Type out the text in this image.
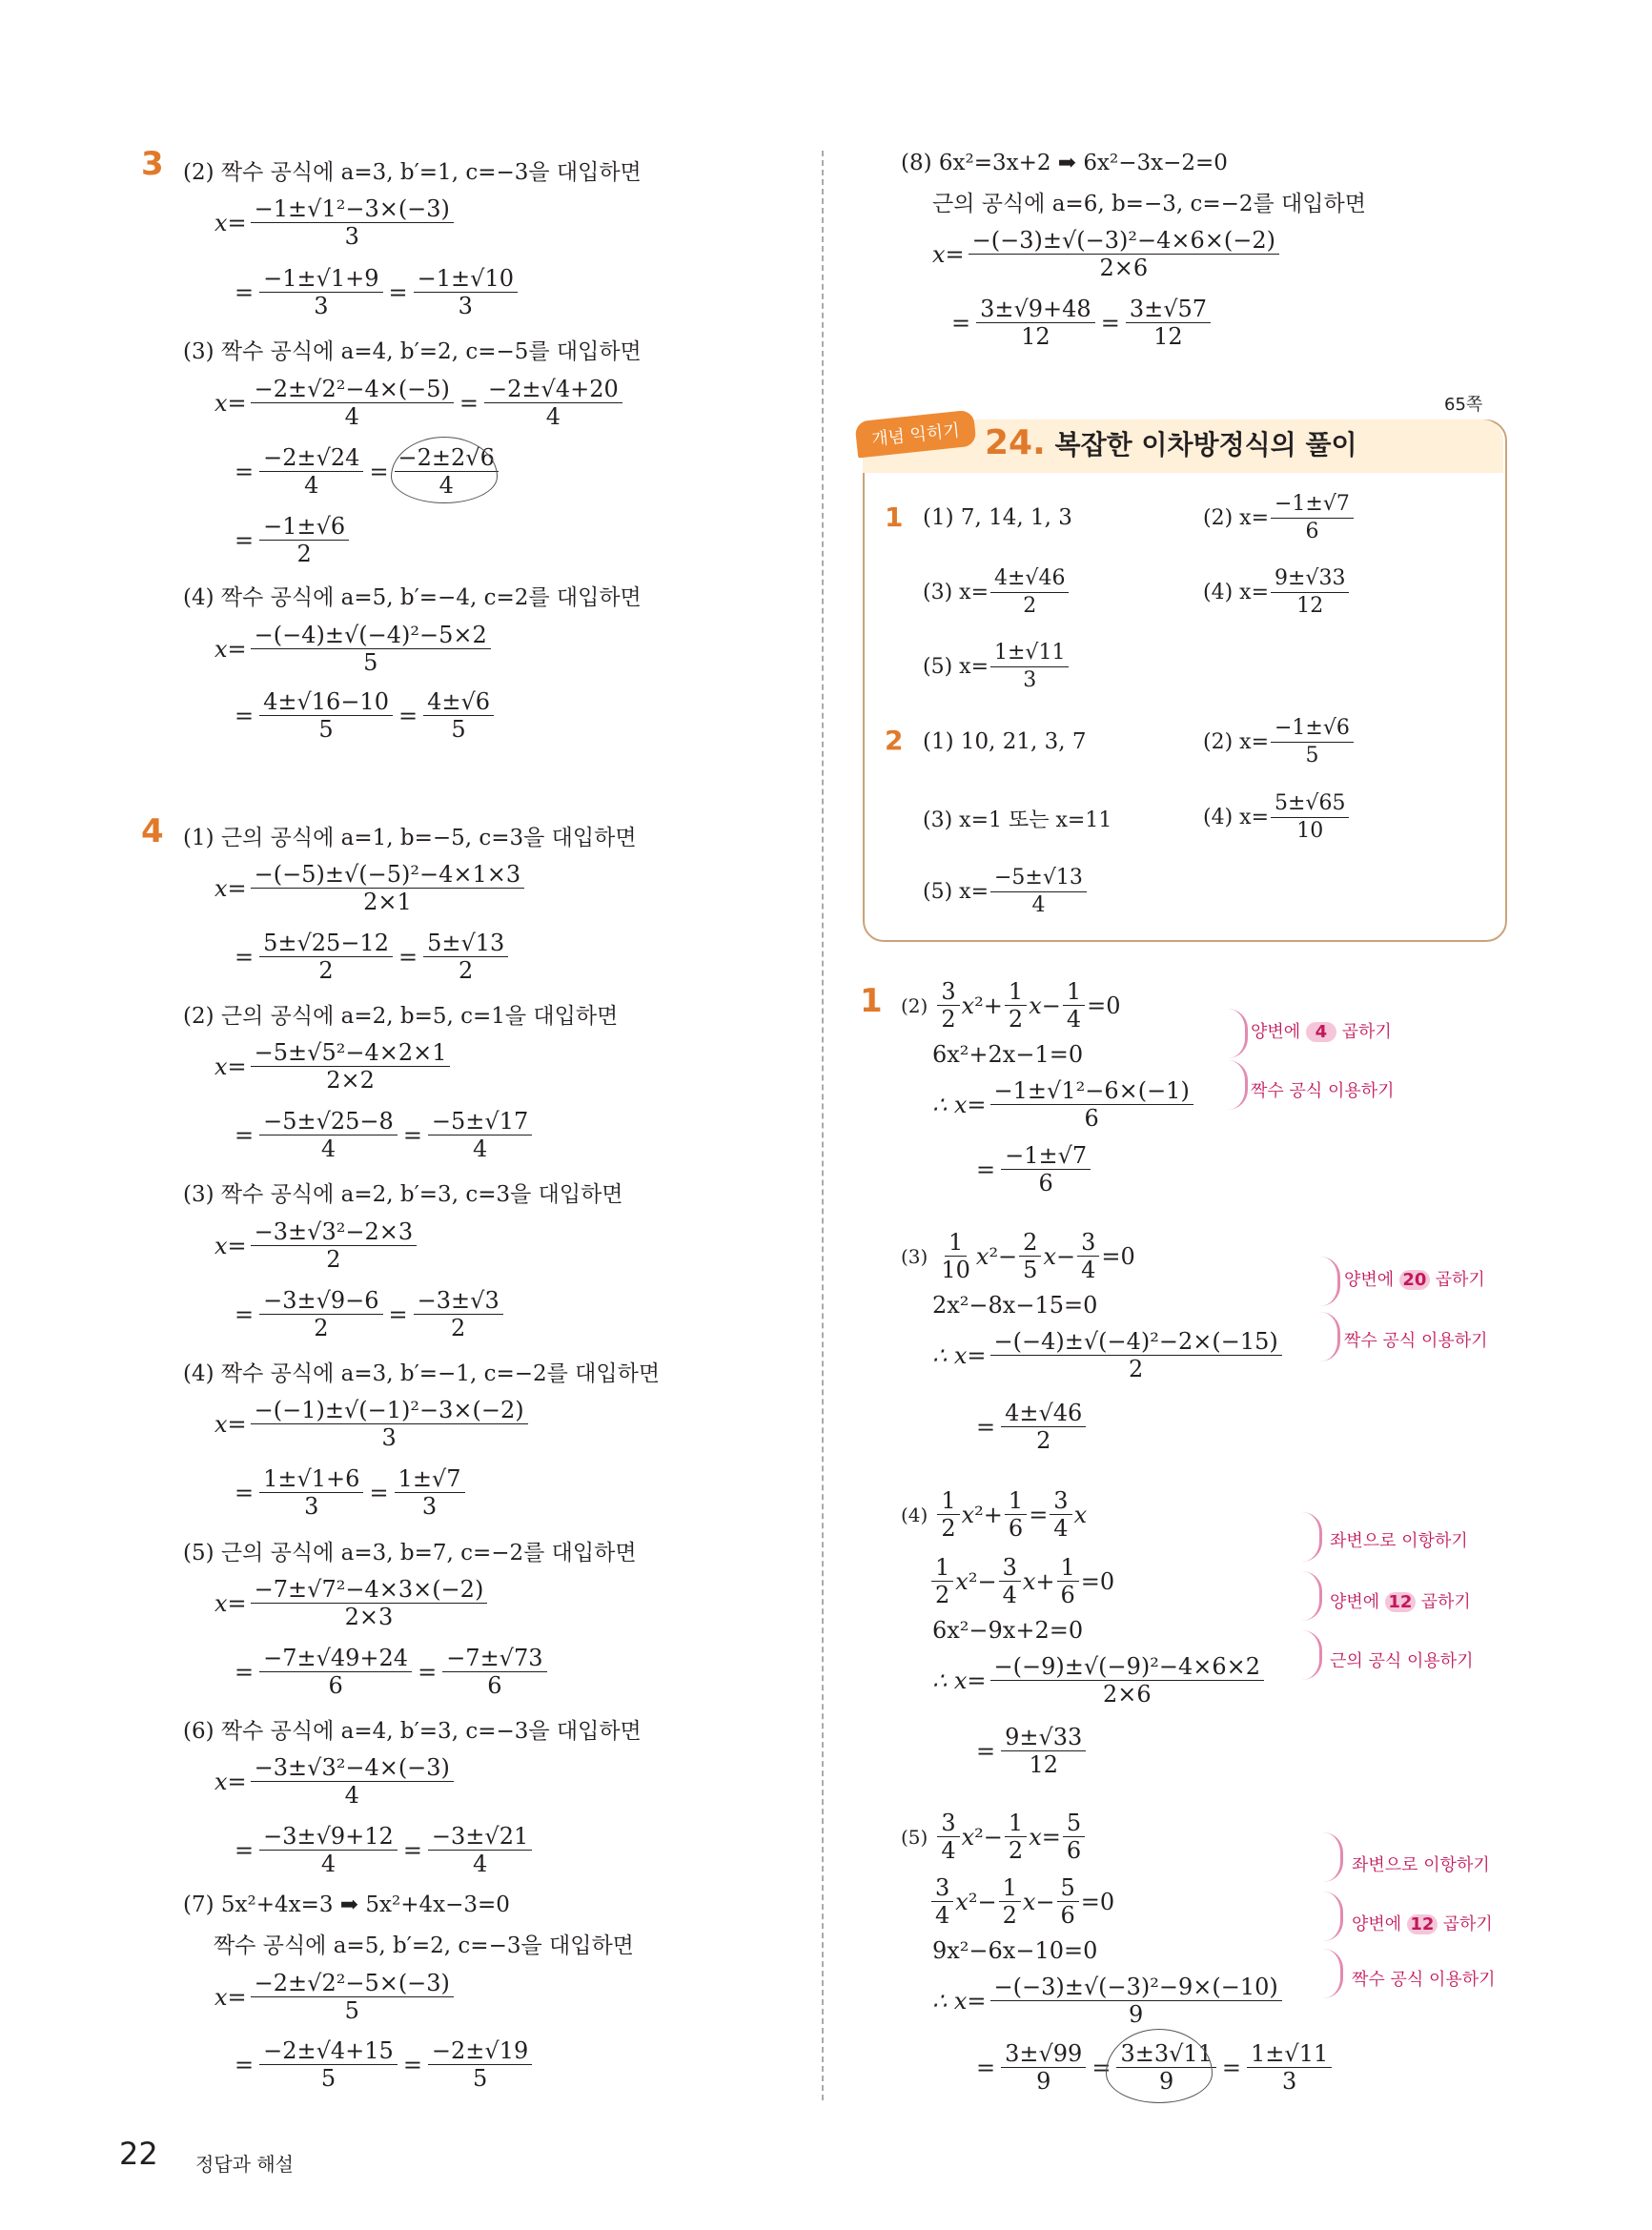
3 (2) 짝수 공식에 a=3, b′=1, c=−3을 대입하면
$x= \frac{\text{−1±√1²−3×(−3)}}{3}$
= $\frac{-1\pm√1+9}{3} = \frac{-1\pm√10}{3}$
(3) 짝수 공식에 a=4, b′=2, c=−5를 대입하면
$x= \frac{\text{−2±√2²−4×(−5)}}{4} = \frac{-2\pm√4+20}{4}$
= $\frac{-2\pm√24}{4} = \frac{-2\pm 2√6}{4}$
= $\frac{-1\pm√6}{2}$
(4) 짝수 공식에 a=5, b′=−4, c=2를 대입하면
$x= \frac{\text{−(−4)±√(−4)²−5×2}}{5}$
= $\frac{4\pm√16-10}{5} = \frac{4\pm√6}{5}$
4 (1) 근의 공식에 a=1, b=−5, c=3을 대입하면
$x= \frac{\text{−(−5)±√(−5)²−4×1×3}}{2\times 1}$
= $\frac{5\pm√25-12}{2} = \frac{5\pm√13}{2}$
(2) 근의 공식에 a=2, b=5, c=1을 대입하면
$x= \frac{\text{−5±√5²−4×2×1}}{2\times 2}$
= $\frac{-5\pm√25-8}{4} = \frac{-5\pm√17}{4}$
(3) 짝수 공식에 a=2, b′=3, c=3을 대입하면
$x= \frac{\text{−3±√3²−2×3}}{2}$
= $\frac{-3\pm√9-6}{2} = \frac{-3\pm√3}{2}$
(4) 짝수 공식에 a=3, b′=−1, c=−2를 대입하면
$x= \frac{\text{−(−1)±√(−1)²−3×(−2)}}{3}$
= $\frac{1\pm√1+6}{3} = \frac{1\pm√7}{3}$
(5) 근의 공식에 a=3, b=7, c=−2를 대입하면
$x= \frac{\text{−7±√7²−4×3×(−2)}}{2\times 3}$
= $\frac{-7\pm√49+24}{6} = \frac{-7\pm√73}{6}$
(6) 짝수 공식에 a=4, b′=3, c=−3을 대입하면
$x= \frac{\text{−3±√3²−4×(−3)}}{4}$
= $\frac{-3\pm√9+12}{4} = \frac{-3\pm√21}{4}$
(7) 5x²+4x=3 ➡ 5x²+4x−3=0
짝수 공식에 a=5, b′=2, c=−3을 대입하면
$x= \frac{\text{−2±√2²−5×(−3)}}{5}$
= $\frac{-2\pm√4+15}{5} = \frac{-2\pm√19}{5}$
(8) 6x²=3x+2 ➡ 6x²−3x−2=0
근의 공식에 a=6, b=−3, c=−2를 대입하면
$x= \frac{\text{−(−3)±√(−3)²−4×6×(−2)}}{2\times 6}$
= $\frac{3\pm√9+48}{12} = \frac{3\pm√57}{12}$
65쪽
개념 익히기 24. 복잡한 이차방정식의 풀이
1 (1) 7, 14, 1, 3	(2) $x= \frac{-1\pm√7}{6}$
(3) $x= \frac{4\pm√46}{2}$	(4) $x= \frac{9\pm√33}{12}$
(5) $x= \frac{1\pm√11}{3}$
2 (1) 10, 21, 3, 7	(2) $x= \frac{-1\pm√6}{5}$
(3) x=1 또는 x=11	(4) $x= \frac{5\pm√65}{10}$
(5) $x= \frac{-5\pm√13}{4}$
1 $(2) \frac{3}{2}$ x $^2+ \frac{1}{2}$ $x - \frac{1}{4} =0$
6x²+2x−1=0
∴ $x= \frac{\text{−1±√1²−6×(−1)}}{6}$
= $\frac{-1\pm√7}{6}$
양변에 4 곱하기
짝수 공식 이용하기
$(3) \frac{1}{10}$ x $^2- \frac{2}{5}$ $x - \frac{3}{4} =0$
2x²−8x−15=0
∴ $x= \frac{\text{−(−4)±√(−4)²−2×(−15)}}{2}$
= $\frac{4\pm√46}{2}$
양변에 20 곱하기
짝수 공식 이용하기
$(4) \frac{1}{2}$ x $^2+ \frac{1}{6} = \frac{3}{4}$ x
$\frac{1}{2}$ x $^2- \frac{3}{4}$ $x + \frac{1}{6} =0$
6x²−9x+2=0
∴ $x= \frac{\text{−(−9)±√(−9)²−4×6×2}}{2\times 6}$
= $\frac{9\pm√33}{12}$
좌변으로 이항하기
양변에 12 곱하기
근의 공식 이용하기
$(5) \frac{3}{4}$ x $^2- \frac{1}{2}$ $x = \frac{5}{6}$
$\frac{3}{4}$ x $^2- \frac{1}{2}$ $x - \frac{5}{6} =0$
9x²−6x−10=0
∴ $x= \frac{\text{−(−3)±√(−3)²−9×(−10)}}{9}$
= $\frac{3\pm√99}{9} = \frac{3\pm 3√11}{9} = \frac{1\pm√11}{3}$
좌변으로 이항하기
양변에 12 곱하기
짝수 공식 이용하기
22 정답과 해설
